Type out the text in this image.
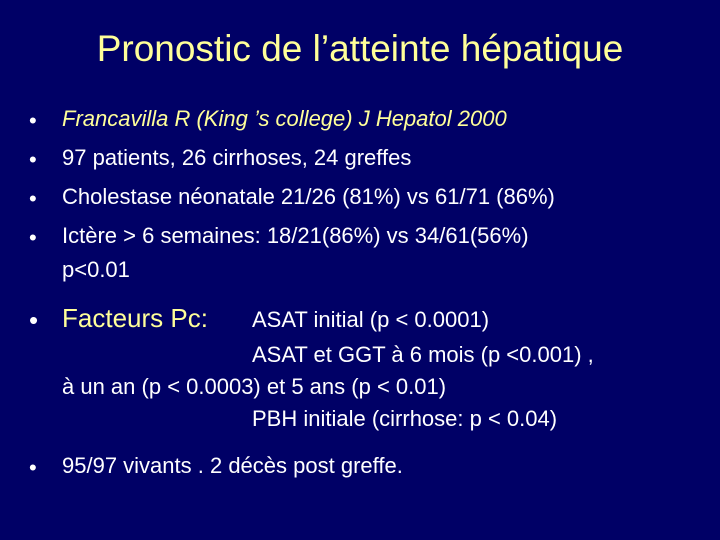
Pronostic de l’atteinte hépatique
• Francavilla R (King ’s college) J Hepatol 2000
• 97 patients, 26 cirrhoses, 24 greffes
• Cholestase néonatale 21/26 (81%) vs 61/71 (86%)
• Ictère > 6 semaines: 18/21(86%) vs 34/61(56%)
p<0.01
• Facteurs Pc: ASAT initial (p < 0.0001)
ASAT et GGT à 6 mois (p <0.001) ,
à un an (p < 0.0003) et 5 ans (p < 0.01)
PBH initiale (cirrhose: p < 0.04)
• 95/97 vivants . 2 décès post greffe.
